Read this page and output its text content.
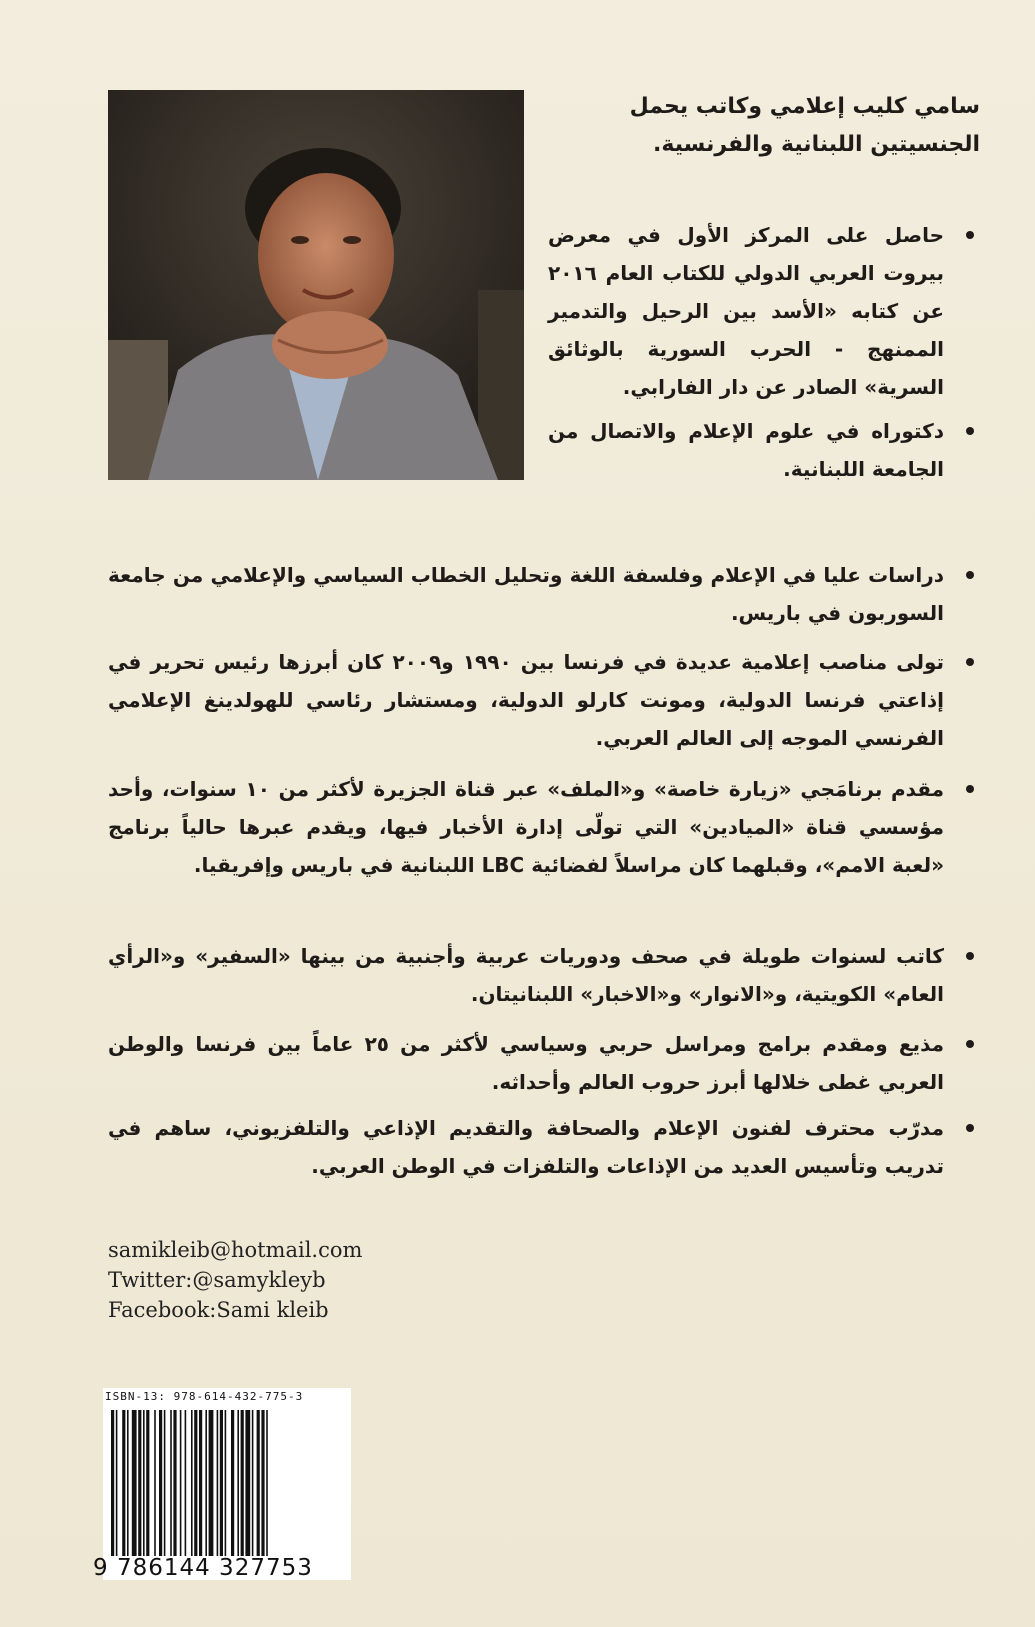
سامي كليب إعلامي وكاتب يحمل الجنسيتين اللبنانية والفرنسية.
حاصل على المركز الأول في معرض بيروت العربي الدولي للكتاب العام ٢٠١٦ عن كتابه «الأسد بين الرحيل والتدمير الممنهج - الحرب السورية بالوثائق السرية» الصادر عن دار الفارابي.
دكتوراه في علوم الإعلام والاتصال من الجامعة اللبنانية.
دراسات عليا في الإعلام وفلسفة اللغة وتحليل الخطاب السياسي والإعلامي من جامعة السوربون في باريس.
تولى مناصب إعلامية عديدة في فرنسا بين ١٩٩٠ و٢٠٠٩ كان أبرزها رئيس تحرير في إذاعتي فرنسا الدولية، ومونت كارلو الدولية، ومستشار رئاسي للهولدينغ الإعلامي الفرنسي الموجه إلى العالم العربي.
مقدم برنامَجي «زيارة خاصة» و«الملف» عبر قناة الجزيرة لأكثر من ١٠ سنوات، وأحد مؤسسي قناة «الميادين» التي تولّى إدارة الأخبار فيها، ويقدم عبرها حالياً برنامج «لعبة الامم»، وقبلهما كان مراسلاً لفضائية LBC اللبنانية في باريس وإفريقيا.
كاتب لسنوات طويلة في صحف ودوريات عربية وأجنبية من بينها «السفير» و«الرأي العام» الكويتية، و«الانوار» و«الاخبار» اللبنانيتان.
مذيع ومقدم برامج ومراسل حربي وسياسي لأكثر من ٢٥ عاماً بين فرنسا والوطن العربي غطى خلالها أبرز حروب العالم وأحداثه.
مدرّب محترف لفنون الإعلام والصحافة والتقديم الإذاعي والتلفزيوني، ساهم في تدريب وتأسيس العديد من الإذاعات والتلفزات في الوطن العربي.
samikleib@hotmail.com
Twitter:@samykleyb
Facebook:Sami kleib
ISBN-13: 978-614-432-775-3
9 786144 327753
